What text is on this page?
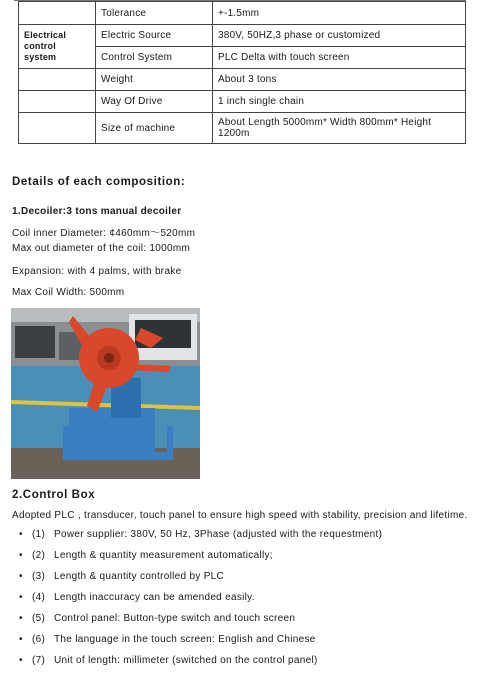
	Tolerance	+-1.5mm
Electrical control system	Electric Source	380V, 50HZ,3 phase or customized
	Control System	PLC Delta with touch screen
	Weight	About 3 tons
	Way Of Drive	1 inch single chain
	Size of machine	About Length 5000mm* Width 800mm* Height 1200m
Details of each composition:
1.Decoiler:3 tons manual decoiler
Coil inner Diameter: ¢460mm～520mm
Max out diameter of the coil: 1000mm
Expansion: with 4 palms, with brake
Max Coil Width: 500mm
2.Control Box
Adopted PLC , transducer, touch panel to ensure high speed with stability, precision and lifetime.
• (1) Power supplier: 380V, 50 Hz, 3Phase (adjusted with the requestment)
• (2) Length & quantity measurement automatically;
• (3) Length & quantity controlled by PLC
• (4) Length inaccuracy can be amended easily.
• (5) Control panel: Button-type switch and touch screen
• (6) The language in the touch screen: English and Chinese
• (7) Unit of length: millimeter (switched on the control panel)
